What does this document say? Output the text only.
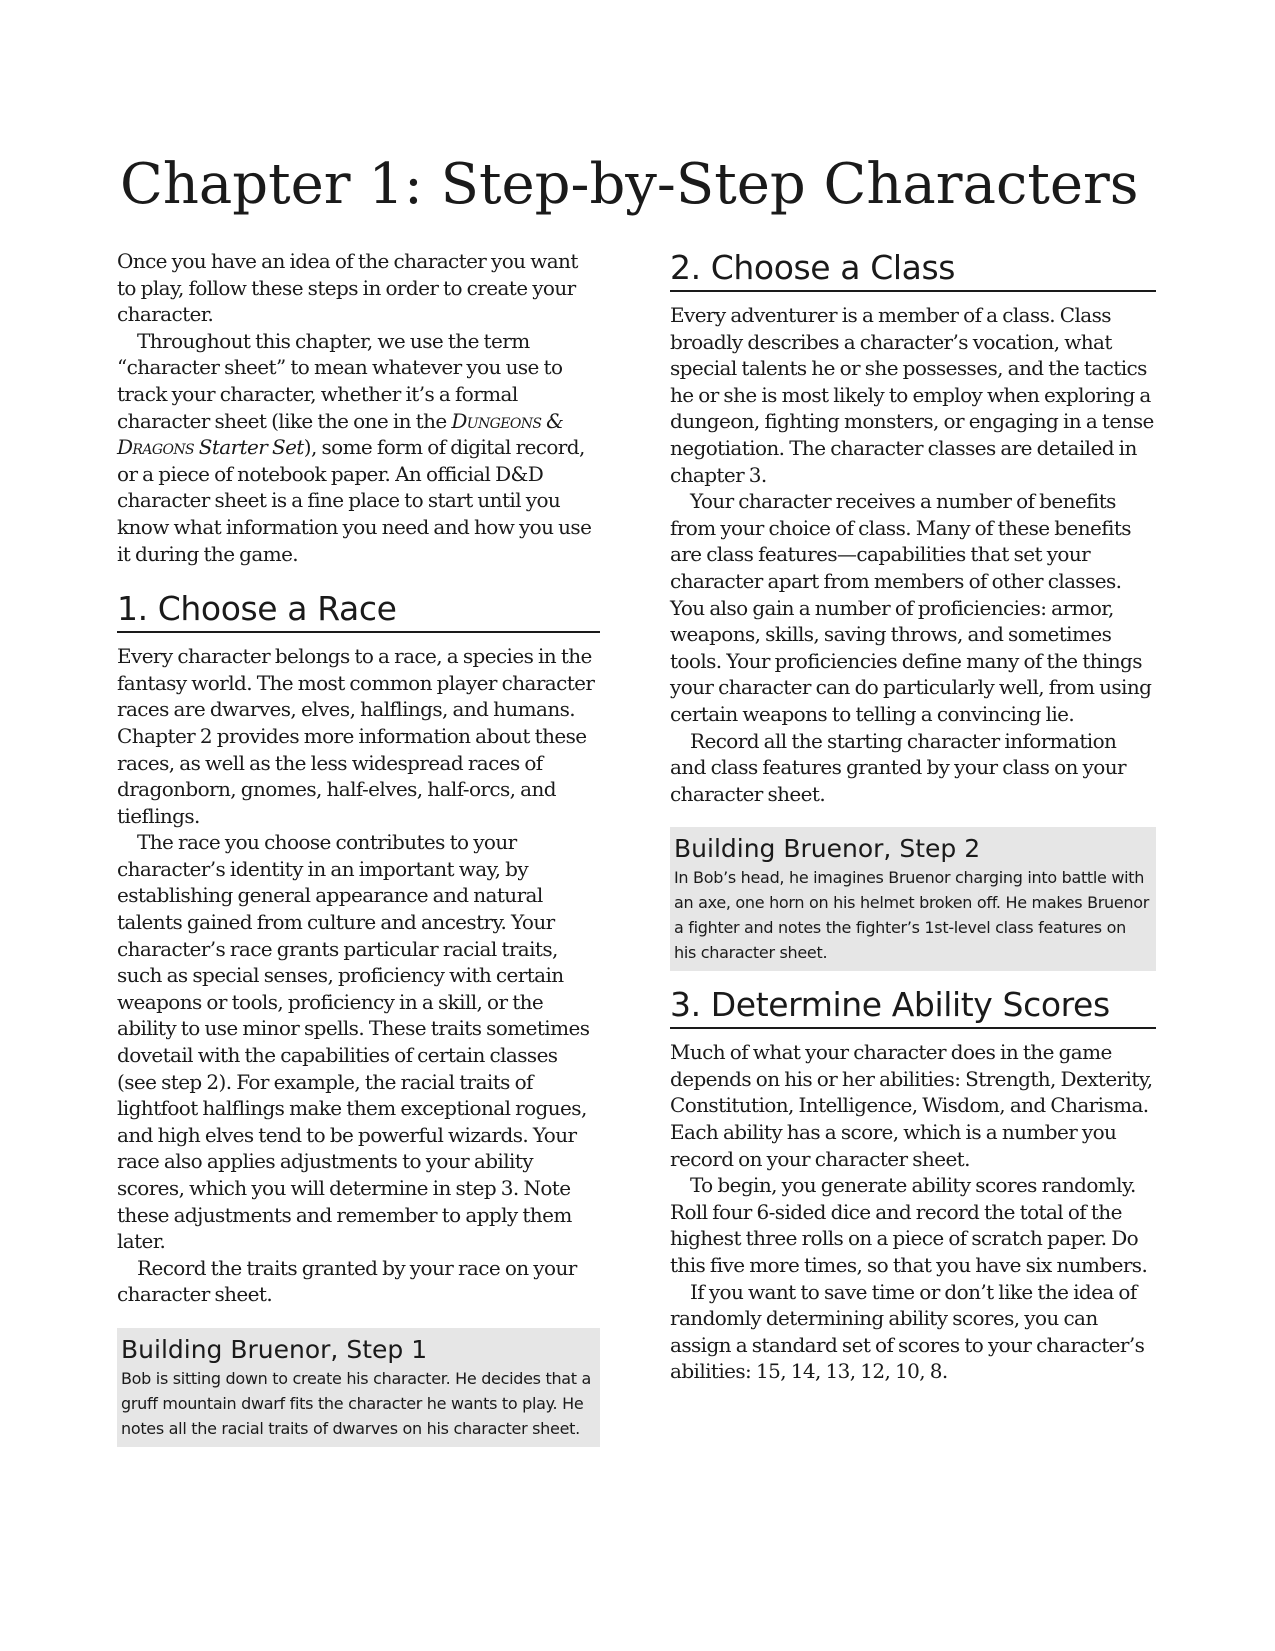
Chapter 1: Step-by-Step Characters

Once you have an idea of the character you want to play, follow these steps in order to create your character.

Throughout this chapter, we use the term “character sheet” to mean whatever you use to track your character, whether it’s a formal character sheet (like the one in the Dungeons & Dragons Starter Set), some form of digital record, or a piece of notebook paper. An official D&D character sheet is a fine place to start until you know what information you need and how you use it during the game.

1. Choose a Race

Every character belongs to a race, a species in the fantasy world. The most common player character races are dwarves, elves, halflings, and humans. Chapter 2 provides more information about these races, as well as the less widespread races of dragonborn, gnomes, half-elves, half-orcs, and tieflings.

The race you choose contributes to your character’s identity in an important way, by establishing general appearance and natural talents gained from culture and ancestry. Your character’s race grants particular racial traits, such as special senses, proficiency with certain weapons or tools, proficiency in a skill, or the ability to use minor spells. These traits sometimes dovetail with the capabilities of certain classes (see step 2). For example, the racial traits of lightfoot halflings make them exceptional rogues, and high elves tend to be powerful wizards. Your race also applies adjustments to your ability scores, which you will determine in step 3. Note these adjustments and remember to apply them later.

Record the traits granted by your race on your character sheet.

Building Bruenor, Step 1

Bob is sitting down to create his character. He decides that a gruff mountain dwarf fits the character he wants to play. He notes all the racial traits of dwarves on his character sheet.

2. Choose a Class

Every adventurer is a member of a class. Class broadly describes a character’s vocation, what special talents he or she possesses, and the tactics he or she is most likely to employ when exploring a dungeon, fighting monsters, or engaging in a tense negotiation. The character classes are detailed in chapter 3.

Your character receives a number of benefits from your choice of class. Many of these benefits are class features—capabilities that set your character apart from members of other classes. You also gain a number of proficiencies: armor, weapons, skills, saving throws, and sometimes tools. Your proficiencies define many of the things your character can do particularly well, from using certain weapons to telling a convincing lie.

Record all the starting character information and class features granted by your class on your character sheet.

Building Bruenor, Step 2

In Bob’s head, he imagines Bruenor charging into battle with an axe, one horn on his helmet broken off. He makes Bruenor a fighter and notes the fighter’s 1st-level class features on his character sheet.

3. Determine Ability Scores

Much of what your character does in the game depends on his or her abilities: Strength, Dexterity, Constitution, Intelligence, Wisdom, and Charisma. Each ability has a score, which is a number you record on your character sheet.

To begin, you generate ability scores randomly. Roll four 6-sided dice and record the total of the highest three rolls on a piece of scratch paper. Do this five more times, so that you have six numbers.

If you want to save time or don’t like the idea of randomly determining ability scores, you can assign a standard set of scores to your character’s abilities: 15, 14, 13, 12, 10, 8.
